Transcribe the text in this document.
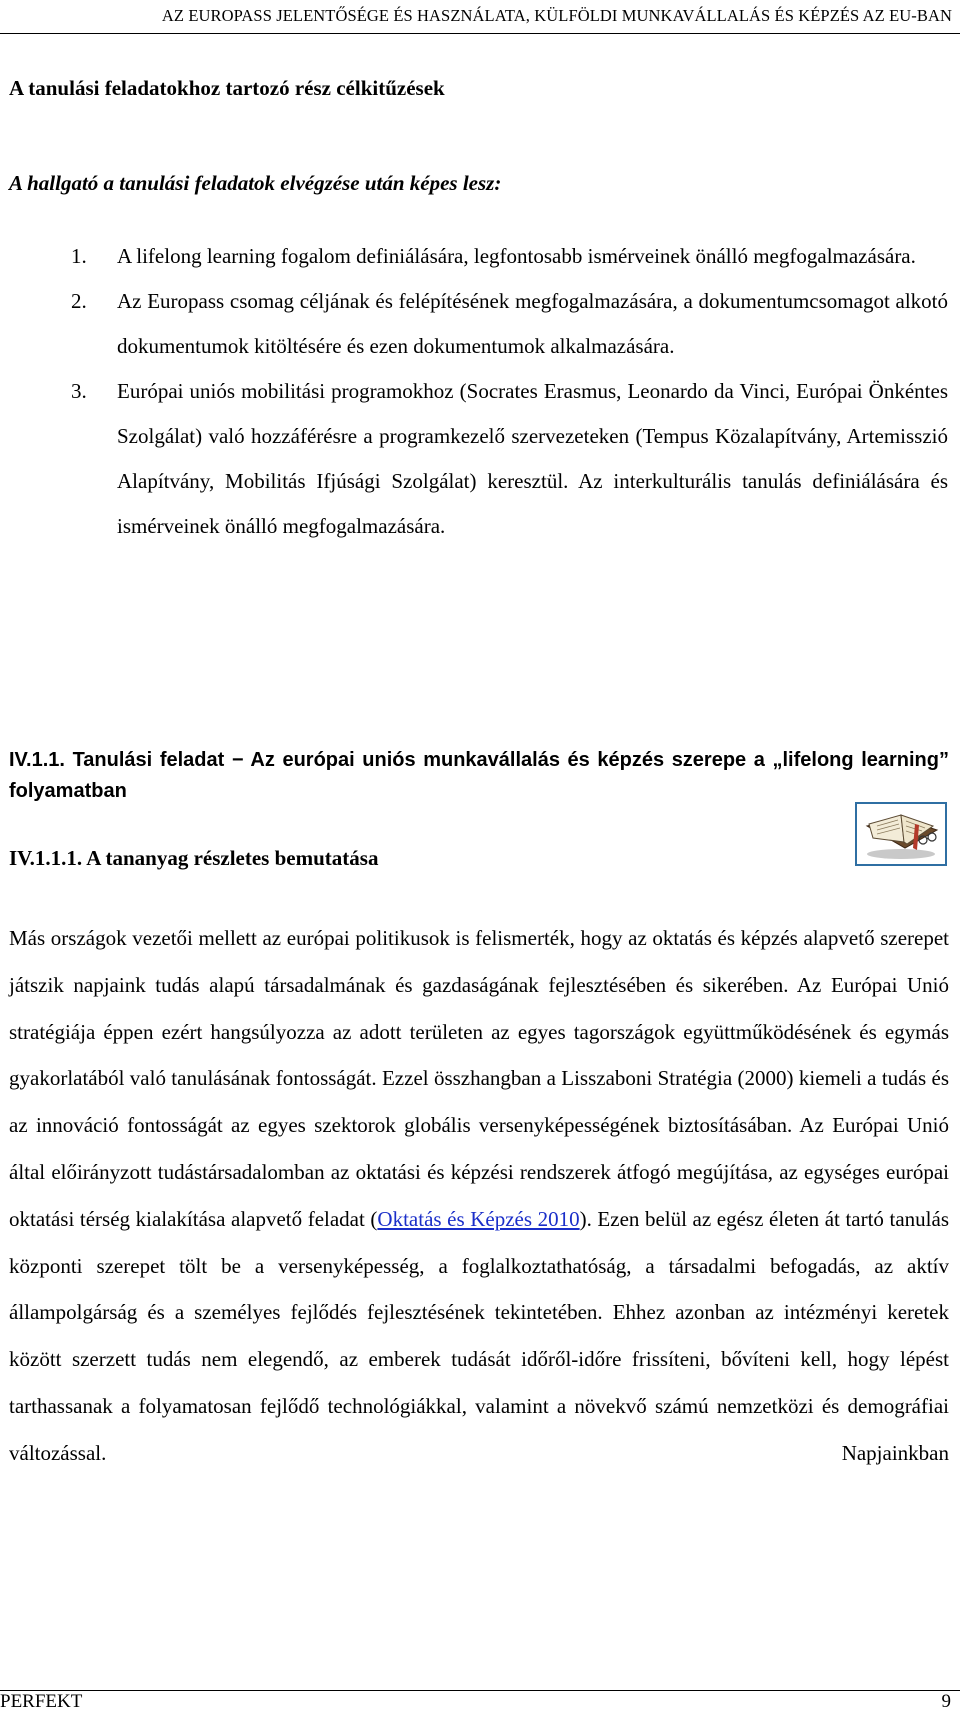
AZ EUROPASS JELENTŐSÉGE ÉS HASZNÁLATA, KÜLFÖLDI MUNKAVÁLLALÁS ÉS KÉPZÉS AZ EU-BAN
A tanulási feladatokhoz tartozó rész célkitűzések
A hallgató a tanulási feladatok elvégzése után képes lesz:
1. A lifelong learning fogalom definiálására, legfontosabb ismérveinek önálló megfogalmazására.
2. Az Europass csomag céljának és felépítésének megfogalmazására, a dokumentumcsomagot alkotó dokumentumok kitöltésére és ezen dokumentumok alkalmazására.
3. Európai uniós mobilitási programokhoz (Socrates Erasmus, Leonardo da Vinci, Európai Önkéntes Szolgálat) való hozzáférésre a programkezelő szervezeteken (Tempus Közalapítvány, Artemisszió Alapítvány, Mobilitás Ifjúsági Szolgálat) keresztül. Az interkulturális tanulás definiálására és ismérveinek önálló megfogalmazására.
IV.1.1. Tanulási feladat − Az európai uniós munkavállalás és képzés szerepe a „lifelong learning” folyamatban
IV.1.1.1. A tananyag részletes bemutatása

Más országok vezetői mellett az európai politikusok is felismerték, hogy az oktatás és képzés alapvető szerepet játszik napjaink tudás alapú társadalmának és gazdaságának fejlesztésében és sikerében. Az Európai Unió stratégiája éppen ezért hangsúlyozza az adott területen az egyes tagországok együttműködésének és egymás gyakorlatából való tanulásának fontosságát. Ezzel összhangban a Lisszaboni Stratégia (2000) kiemeli a tudás és az innováció fontosságát az egyes szektorok globális versenyképességének biztosításában. Az Európai Unió által előirányzott tudástársadalomban az oktatási és képzési rendszerek átfogó megújítása, az egységes európai oktatási térség kialakítása alapvető feladat (Oktatás és Képzés 2010). Ezen belül az egész életen át tartó tanulás központi szerepet tölt be a versenyképesség, a foglalkoztathatóság, a társadalmi befogadás, az aktív állampolgárság és a személyes fejlődés fejlesztésének tekintetében. Ehhez azonban az intézményi keretek között szerzett tudás nem elegendő, az emberek tudását időről-időre frissíteni, bővíteni kell, hogy lépést tarthassanak a folyamatosan fejlődő technológiákkal, valamint a növekvő számú nemzetközi és demográfiai változással. Napjainkban

PERFEKT	9
